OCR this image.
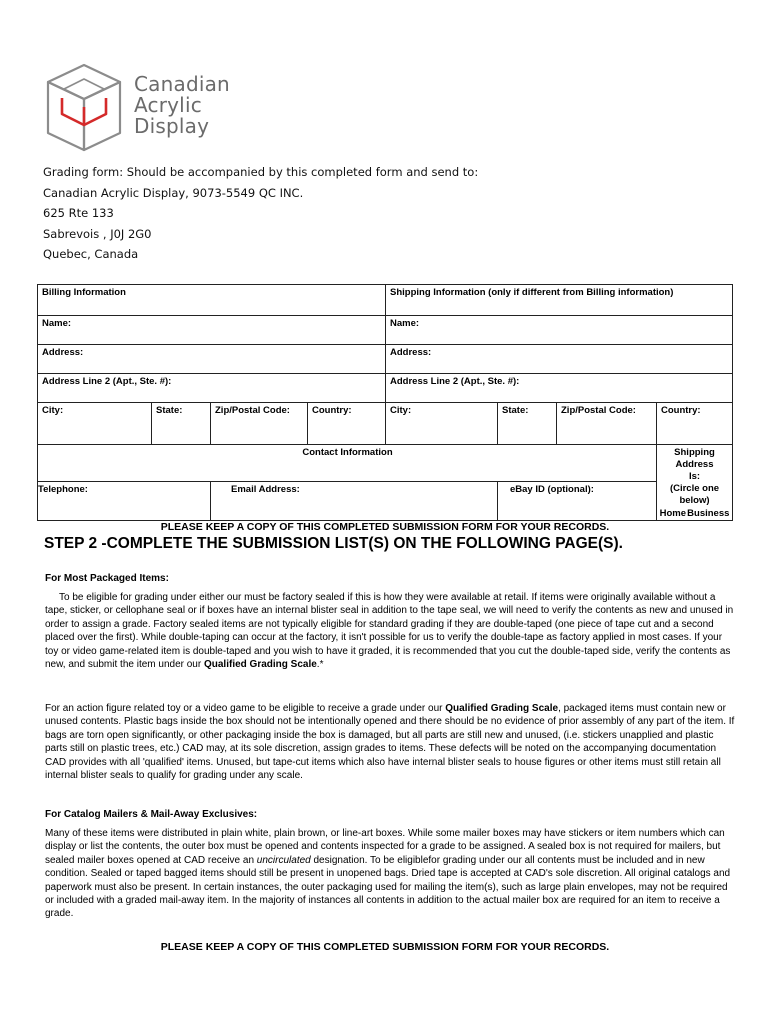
Canadian
Acrylic
Display
Grading form: Should be accompanied by this completed form and send to:
Canadian Acrylic Display, 9073-5549 QC INC.
625 Rte 133
Sabrevois , J0J 2G0
Quebec, Canada
Billing Information				Shipping Information (only if different from Billing information)			
Name:				Name:			
Address:				Address:			
Address Line 2 (Apt., Ste. #):				Address Line 2 (Apt., Ste. #):			
City:	State:	Zip/Postal Code:	Country:	City:	State:	Zip/Postal Code:	Country:
Contact Information							Shipping Address
Is:
(Circle one below)
Home Business

Telephone:		Email Address:			eBay ID (optional):		
PLEASE KEEP A COPY OF THIS COMPLETED SUBMISSION FORM FOR YOUR RECORDS.
STEP 2 -COMPLETE THE SUBMISSION LIST(S) ON THE FOLLOWING PAGE(S).
For Most Packaged Items:

To be eligible for grading under either our must be factory sealed if this is how they were available at retail. If items were originally available without a tape, sticker, or cellophane seal or if boxes have an internal blister seal in addition to the tape seal, we will need to verify the contents as new and unused in order to assign a grade. Factory sealed items are not typically eligible for standard grading if they are double-taped (one piece of tape cut and a second placed over the first). While double-taping can occur at the factory, it isn't possible for us to verify the double-tape as factory applied in most cases. If your toy or video game-related item is double-taped and you wish to have it graded, it is recommended that you cut the double-taped side, verify the contents as new, and submit the item under our Qualified Grading Scale.*

For an action figure related toy or a video game to be eligible to receive a grade under our Qualified Grading Scale, packaged items must contain new or unused contents. Plastic bags inside the box should not be intentionally opened and there should be no evidence of prior assembly of any part of the item. If bags are torn open significantly, or other packaging inside the box is damaged, but all parts are still new and unused, (i.e. stickers unapplied and plastic parts still on plastic trees, etc.) CAD may, at its sole discretion, assign grades to items. These defects will be noted on the accompanying documentation CAD provides with all 'qualified' items. Unused, but tape-cut items which also have internal blister seals to house figures or other items must still retain all internal blister seals to qualify for grading under any scale.

For Catalog Mailers & Mail-Away Exclusives:

Many of these items were distributed in plain white, plain brown, or line-art boxes. While some mailer boxes may have stickers or item numbers which can display or list the contents, the outer box must be opened and contents inspected for a grade to be assigned. A sealed box is not required for mailers, but sealed mailer boxes opened at CAD receive an uncirculated designation. To be eligiblefor grading under our all contents must be included and in new condition. Sealed or taped bagged items should still be present in unopened bags. Dried tape is accepted at CAD's sole discretion. All original catalogs and paperwork must also be present. In certain instances, the outer packaging used for mailing the item(s), such as large plain envelopes, may not be required or included with a graded mail-away item. In the majority of instances all contents in addition to the actual mailer box are required for an item to receive a grade.

PLEASE KEEP A COPY OF THIS COMPLETED SUBMISSION FORM FOR YOUR RECORDS.
